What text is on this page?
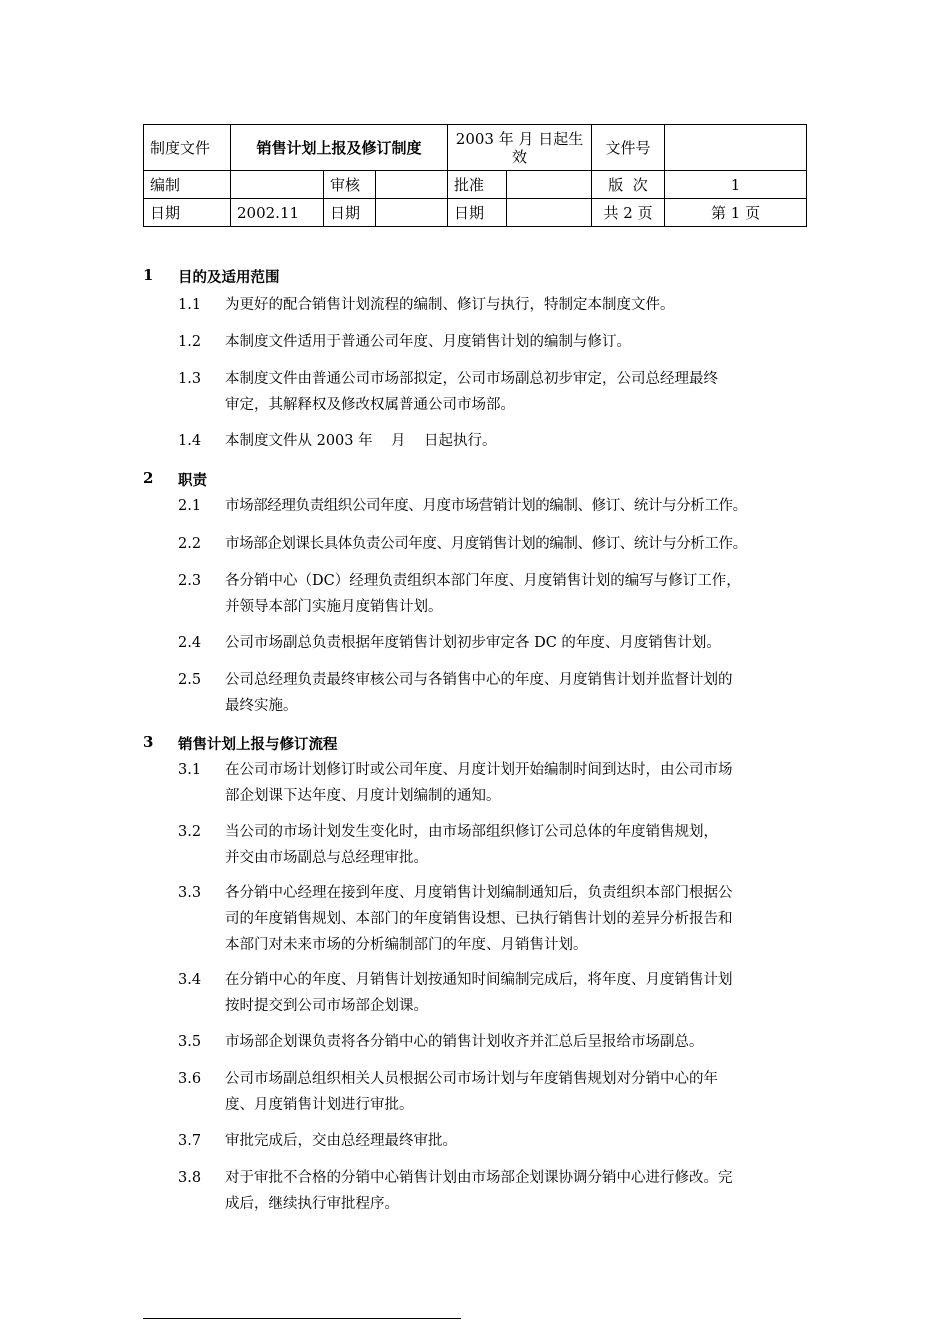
制度文件	销售计划上报及修订制度			2003 年 月 日起生效		文件号	
编制		审核		批准		版  次	1
日期	2002.11	日期		日期		共 2 页	第 1 页
1 目的及适用范围
1.1 为更好的配合销售计划流程的编制、修订与执行，特制定本制度文件。
1.2 本制度文件适用于普通公司年度、月度销售计划的编制与修订。
1.3 本制度文件由普通公司市场部拟定，公司市场副总初步审定，公司总经理最终
审定，其解释权及修改权属普通公司市场部。
1.4 本制度文件从 2003 年    月    日起执行。
2 职责
2.1 市场部经理负责组织公司年度、月度市场营销计划的编制、修订、统计与分析工作。
2.2 市场部企划课长具体负责公司年度、月度销售计划的编制、修订、统计与分析工作。
2.3 各分销中心（DC）经理负责组织本部门年度、月度销售计划的编写与修订工作，
并领导本部门实施月度销售计划。
2.4 公司市场副总负责根据年度销售计划初步审定各 DC 的年度、月度销售计划。
2.5 公司总经理负责最终审核公司与各销售中心的年度、月度销售计划并监督计划的
最终实施。
3 销售计划上报与修订流程
3.1 在公司市场计划修订时或公司年度、月度计划开始编制时间到达时，由公司市场
部企划课下达年度、月度计划编制的通知。
3.2 当公司的市场计划发生变化时，由市场部组织修订公司总体的年度销售规划，
并交由市场副总与总经理审批。
3.3 各分销中心经理在接到年度、月度销售计划编制通知后，负责组织本部门根据公
司的年度销售规划、本部门的年度销售设想、已执行销售计划的差异分析报告和
本部门对未来市场的分析编制部门的年度、月销售计划。
3.4 在分销中心的年度、月销售计划按通知时间编制完成后，将年度、月度销售计划
按时提交到公司市场部企划课。
3.5 市场部企划课负责将各分销中心的销售计划收齐并汇总后呈报给市场副总。
3.6 公司市场副总组织相关人员根据公司市场计划与年度销售规划对分销中心的年
度、月度销售计划进行审批。
3.7 审批完成后，交由总经理最终审批。
3.8 对于审批不合格的分销中心销售计划由市场部企划课协调分销中心进行修改。完
成后，继续执行审批程序。
